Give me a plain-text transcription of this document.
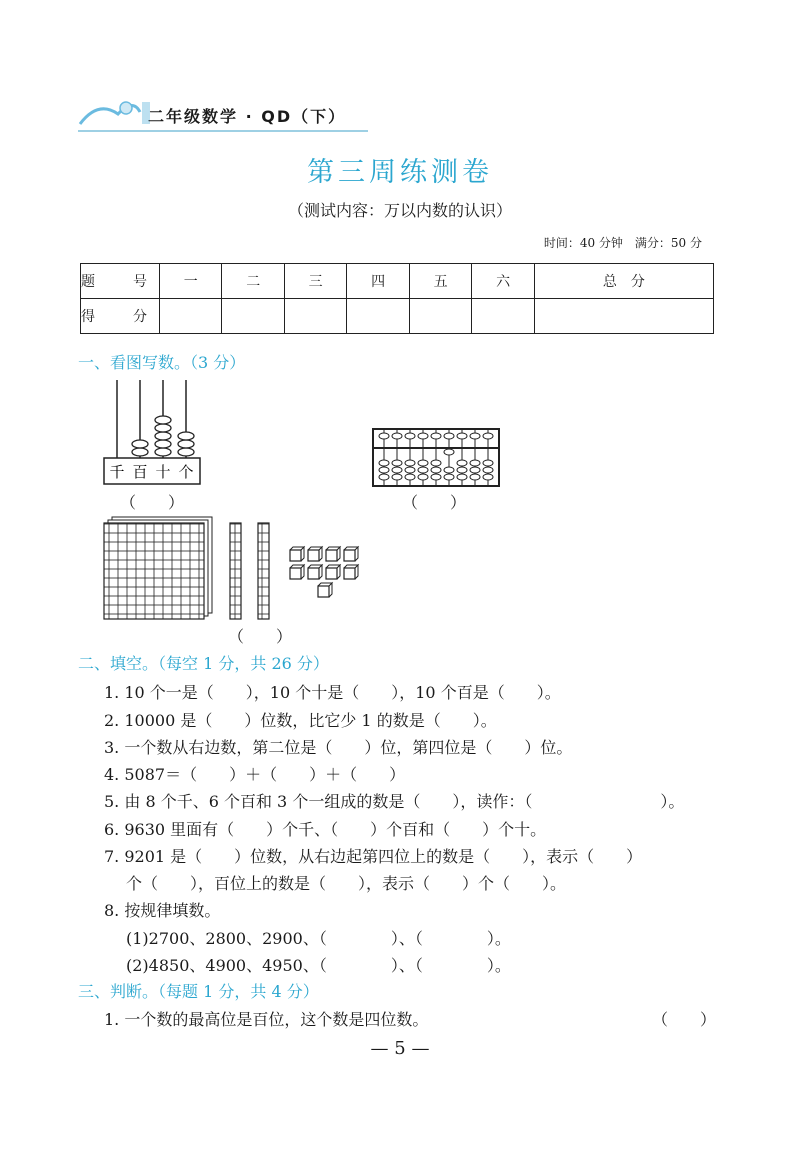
二年级数学 · QD（下）
第三周练测卷
（测试内容：万以内数的认识）
时间：40 分钟　满分：50 分
题　号	一	二	三	四	五	六	总　分
得　分							
一、看图写数。（3 分）
千 百 十 个
（　　）	（　　）
（　　）
二、填空。（每空 1 分，共 26 分）
1. 10 个一是（　　），10 个十是（　　），10 个百是（　　）。
2. 10000 是（　　）位数，比它少 1 的数是（　　）。
3. 一个数从右边数，第二位是（　　）位，第四位是（　　）位。
4. 5087＝（　　）＋（　　）＋（　　）
5. 由 8 个千、6 个百和 3 个一组成的数是（　　），读作：（　　　　　　　　）。
6. 9630 里面有（　　）个千、（　　）个百和（　　）个十。
7. 9201 是（　　）位数，从右边起第四位上的数是（　　），表示（　　）
个（　　），百位上的数是（　　），表示（　　）个（　　）。
8. 按规律填数。
(1)2700、2800、2900、（　　　　）、（　　　　）。
(2)4850、4900、4950、（　　　　）、（　　　　）。
三、判断。（每题 1 分，共 4 分）
1. 一个数的最高位是百位，这个数是四位数。	（　　）
— 5 —
